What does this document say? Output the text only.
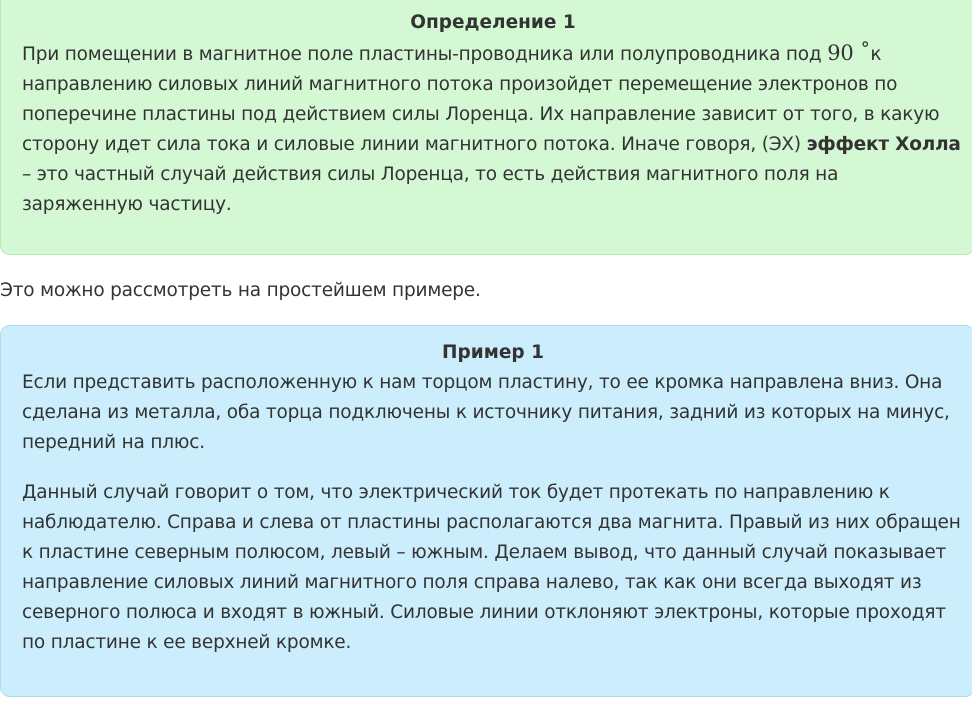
Определение 1

При помещении в магнитное поле пластины-проводника или полупроводника под 90 ˚к направлению силовых линий магнитного потока произойдет перемещение электронов по поперечине пластины под действием силы Лоренца. Их направление зависит от того, в какую сторону идет сила тока и силовые линии магнитного потока. Иначе говоря, (ЭХ) эффект Холла – это частный случай действия силы Лоренца, то есть действия магнитного поля на заряженную частицу.

Это можно рассмотреть на простейшем примере.

Пример 1

Если представить расположенную к нам торцом пластину, то ее кромка направлена вниз. Она сделана из металла, оба торца подключены к источнику питания, задний из которых на минус, передний на плюс.

Данный случай говорит о том, что электрический ток будет протекать по направлению к наблюдателю. Справа и слева от пластины располагаются два магнита. Правый из них обращен к пластине северным полюсом, левый – южным. Делаем вывод, что данный случай показывает направление силовых линий магнитного поля справа налево, так как они всегда выходят из северного полюса и входят в южный. Силовые линии отклоняют электроны, которые проходят по пластине к ее верхней кромке.
